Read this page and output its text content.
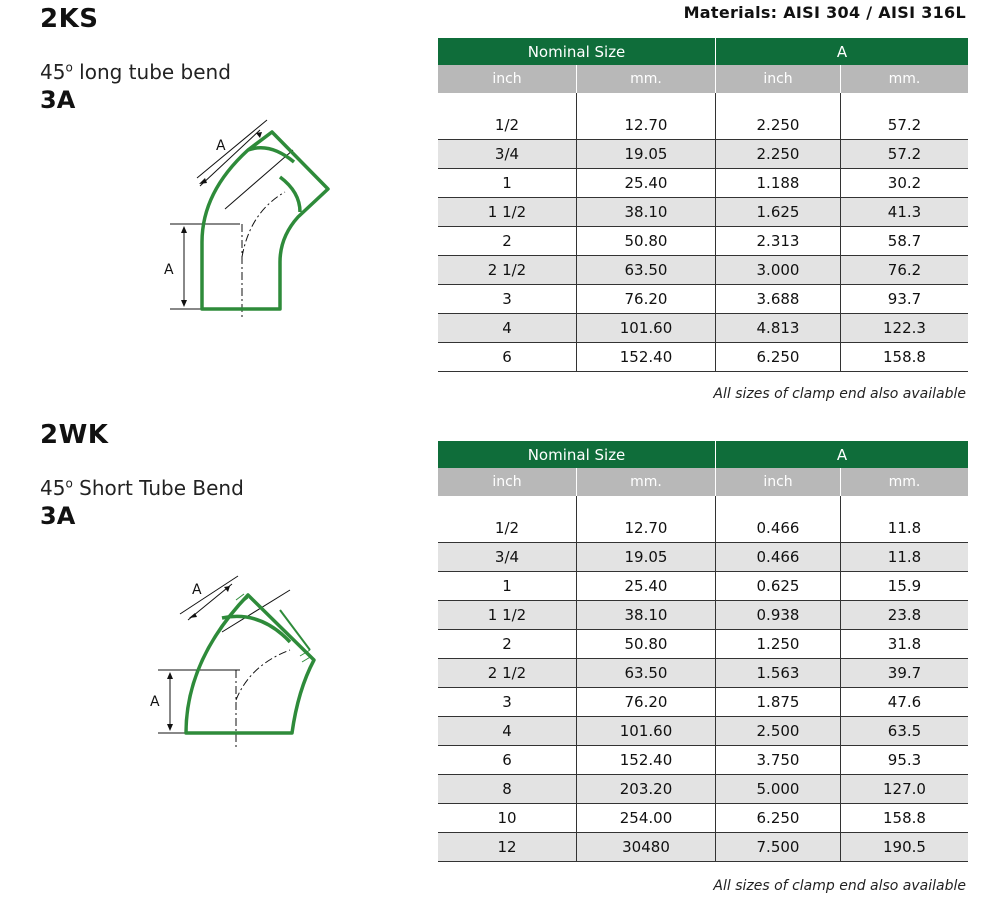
Materials: AISI 304 / AISI 316L
2KS
45$^o$ long tube bend
3A
A
A
Nominal Size		A	
inch	mm.	inch	mm.

1/2	12.70	2.250	57.2
3/4	19.05	2.250	57.2
1	25.40	1.188	30.2
1 1/2	38.10	1.625	41.3
2	50.80	2.313	58.7
2 1/2	63.50	3.000	76.2
3	76.20	3.688	93.7
4	101.60	4.813	122.3
6	152.40	6.250	158.8
All sizes of clamp end also available
2WK
45$^o$ Short Tube Bend
3A
A
A
Nominal Size		A	
inch	mm.	inch	mm.

1/2	12.70	0.466	11.8
3/4	19.05	0.466	11.8
1	25.40	0.625	15.9
1 1/2	38.10	0.938	23.8
2	50.80	1.250	31.8
2 1/2	63.50	1.563	39.7
3	76.20	1.875	47.6
4	101.60	2.500	63.5
6	152.40	3.750	95.3
8	203.20	5.000	127.0
10	254.00	6.250	158.8
12	30480	7.500	190.5
All sizes of clamp end also available
